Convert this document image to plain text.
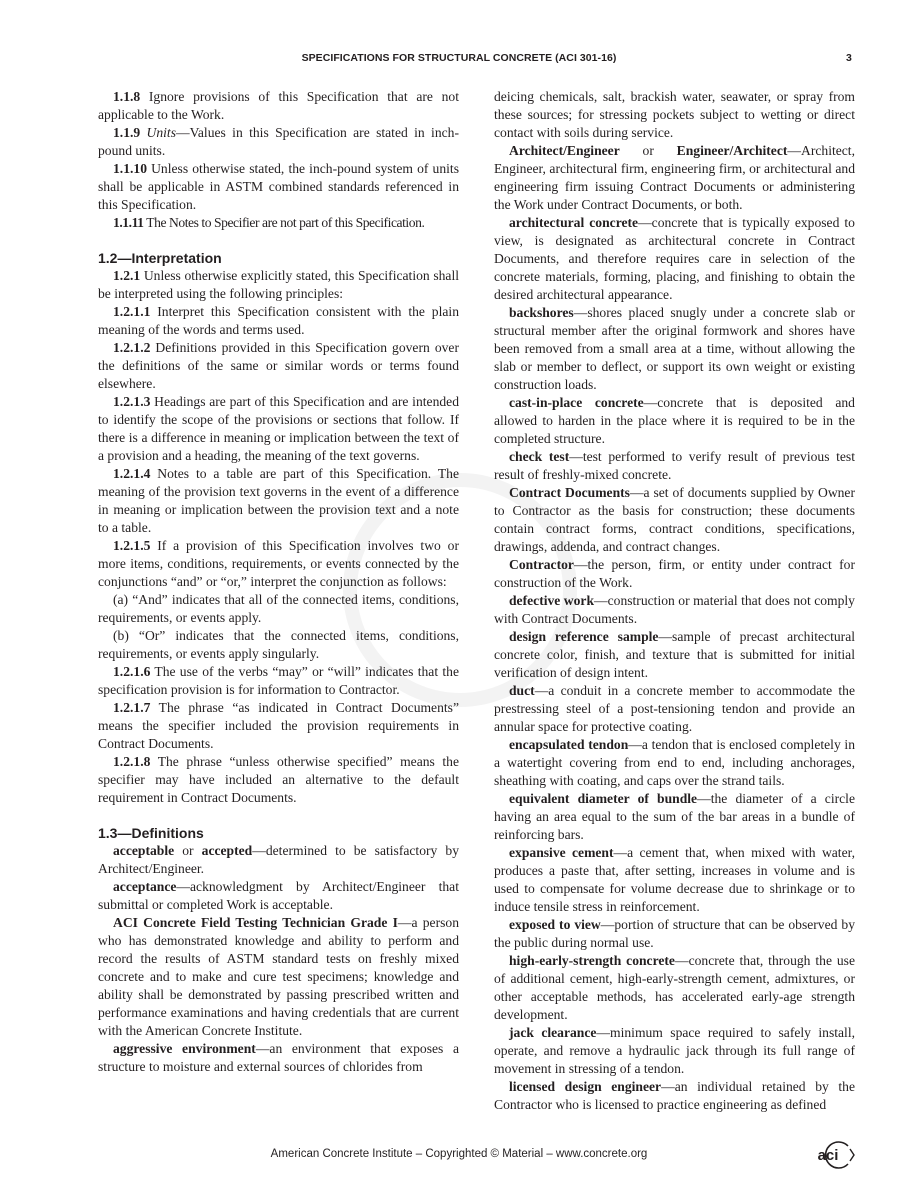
SPECIFICATIONS FOR STRUCTURAL CONCRETE (ACI 301-16)	3

1.1.8 Ignore provisions of this Specification that are not applicable to the Work.

1.1.9 Units—Values in this Specification are stated in inch-pound units.

1.1.10 Unless otherwise stated, the inch-pound system of units shall be applicable in ASTM combined standards referenced in this Specification.

1.1.11 The Notes to Specifier are not part of this Specification.

1.2—Interpretation

1.2.1 Unless otherwise explicitly stated, this Specification shall be interpreted using the following principles:

1.2.1.1 Interpret this Specification consistent with the plain meaning of the words and terms used.

1.2.1.2 Definitions provided in this Specification govern over the definitions of the same or similar words or terms found elsewhere.

1.2.1.3 Headings are part of this Specification and are intended to identify the scope of the provisions or sections that follow. If there is a difference in meaning or implication between the text of a provision and a heading, the meaning of the text governs.

1.2.1.4 Notes to a table are part of this Specification. The meaning of the provision text governs in the event of a difference in meaning or implication between the provision text and a note to a table.

1.2.1.5 If a provision of this Specification involves two or more items, conditions, requirements, or events connected by the conjunctions “and” or “or,” interpret the conjunction as follows:

(a) “And” indicates that all of the connected items, conditions, requirements, or events apply.

(b) “Or” indicates that the connected items, conditions, requirements, or events apply singularly.

1.2.1.6 The use of the verbs “may” or “will” indicates that the specification provision is for information to Contractor.

1.2.1.7 The phrase “as indicated in Contract Documents” means the specifier included the provision requirements in Contract Documents.

1.2.1.8 The phrase “unless otherwise specified” means the specifier may have included an alternative to the default requirement in Contract Documents.

1.3—Definitions

acceptable or accepted—determined to be satisfactory by Architect/Engineer.

acceptance—acknowledgment by Architect/Engineer that submittal or completed Work is acceptable.

ACI Concrete Field Testing Technician Grade I—a person who has demonstrated knowledge and ability to perform and record the results of ASTM standard tests on freshly mixed concrete and to make and cure test specimens; knowledge and ability shall be demonstrated by passing prescribed written and performance examinations and having credentials that are current with the American Concrete Institute.

aggressive environment—an environment that exposes a structure to moisture and external sources of chlorides from

deicing chemicals, salt, brackish water, seawater, or spray from these sources; for stressing pockets subject to wetting or direct contact with soils during service.

Architect/Engineer or Engineer/Architect—Architect, Engineer, architectural firm, engineering firm, or architectural and engineering firm issuing Contract Documents or administering the Work under Contract Documents, or both.

architectural concrete—concrete that is typically exposed to view, is designated as architectural concrete in Contract Documents, and therefore requires care in selection of the concrete materials, forming, placing, and finishing to obtain the desired architectural appearance.

backshores—shores placed snugly under a concrete slab or structural member after the original formwork and shores have been removed from a small area at a time, without allowing the slab or member to deflect, or support its own weight or existing construction loads.

cast-in-place concrete—concrete that is deposited and allowed to harden in the place where it is required to be in the completed structure.

check test—test performed to verify result of previous test result of freshly-mixed concrete.

Contract Documents—a set of documents supplied by Owner to Contractor as the basis for construction; these documents contain contract forms, contract conditions, specifications, drawings, addenda, and contract changes.

Contractor—the person, firm, or entity under contract for construction of the Work.

defective work—construction or material that does not comply with Contract Documents.

design reference sample—sample of precast architectural concrete color, finish, and texture that is submitted for initial verification of design intent.

duct—a conduit in a concrete member to accommodate the prestressing steel of a post-tensioning tendon and provide an annular space for protective coating.

encapsulated tendon—a tendon that is enclosed completely in a watertight covering from end to end, including anchorages, sheathing with coating, and caps over the strand tails.

equivalent diameter of bundle—the diameter of a circle having an area equal to the sum of the bar areas in a bundle of reinforcing bars.

expansive cement—a cement that, when mixed with water, produces a paste that, after setting, increases in volume and is used to compensate for volume decrease due to shrinkage or to induce tensile stress in reinforcement.

exposed to view—portion of structure that can be observed by the public during normal use.

high-early-strength concrete—concrete that, through the use of additional cement, high-early-strength cement, admixtures, or other acceptable methods, has accelerated early-age strength development.

jack clearance—minimum space required to safely install, operate, and remove a hydraulic jack through its full range of movement in stressing of a tendon.

licensed design engineer—an individual retained by the Contractor who is licensed to practice engineering as defined

American Concrete Institute – Copyrighted © Material – www.concrete.org	aci
